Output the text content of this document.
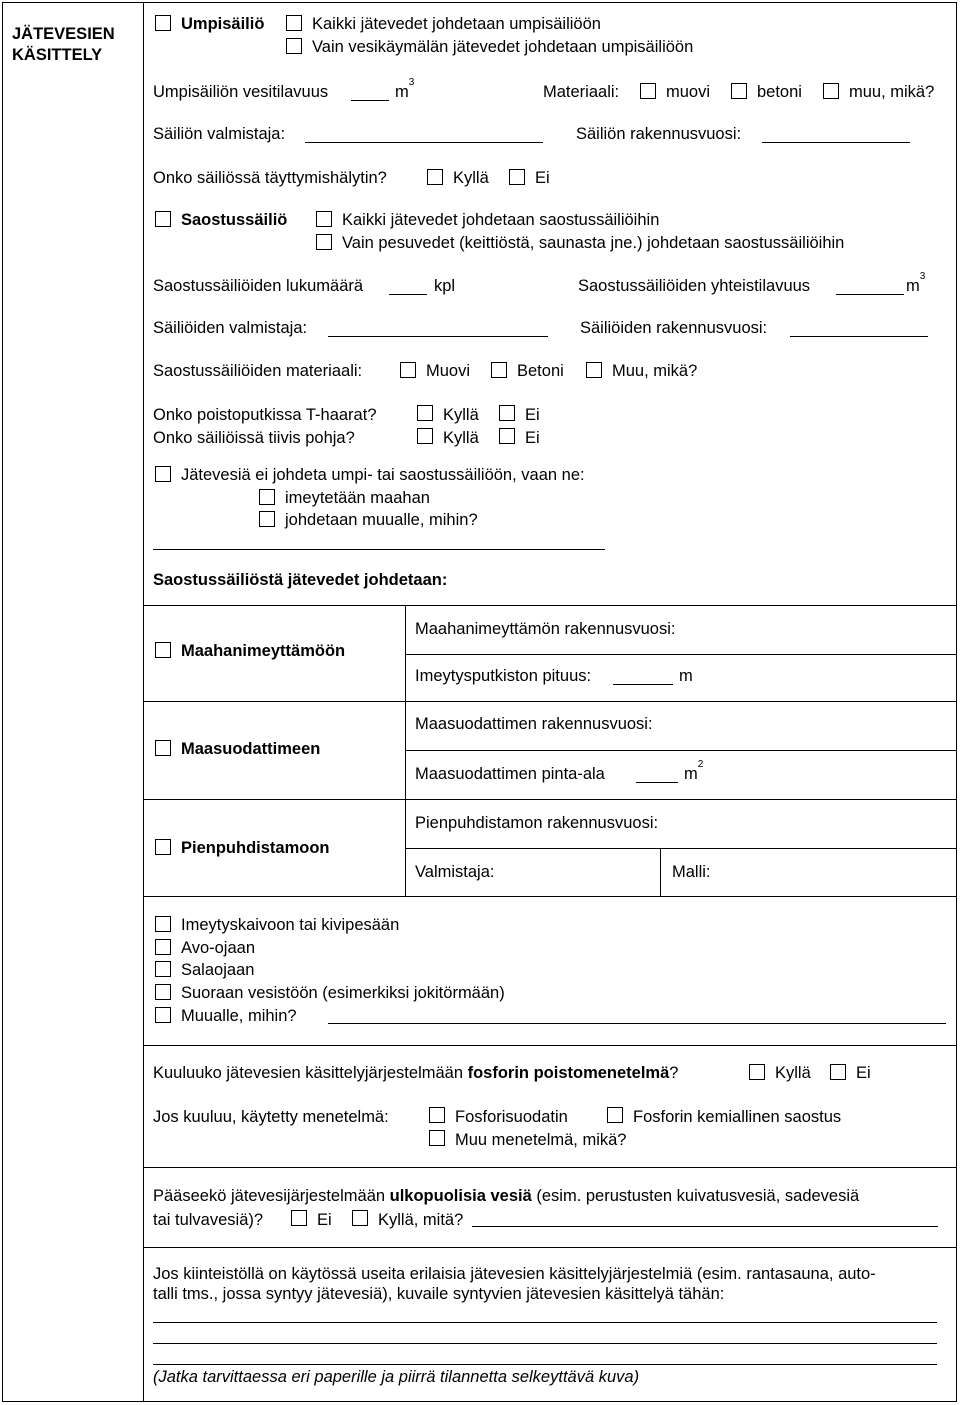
JÄTEVESIEN KÄSITTELY
Umpisäiliö	Kaikki jätevedet johdetaan umpisäiliöön
Vain vesikäymälän jätevedet johdetaan umpisäiliöön
Umpisäiliön vesitilavuus	$m^3$
Materiaali:	muovi	betoni	muu, mikä?
Säiliön valmistaja:	Säiliön rakennusvuosi:
Onko säiliössä täyttymishälytin?	Kyllä	Ei
Saostussäiliö	Kaikki jätevedet johdetaan saostussäiliöihin
Vain pesuvedet (keittiöstä, saunasta jne.) johdetaan saostussäiliöihin
Saostussäiliöiden lukumäärä	kpl	Saostussäiliöiden yhteistilavuus	$m^3$
Säiliöiden valmistaja:	Säiliöiden rakennusvuosi:
Saostussäiliöiden materiaali:	Muovi	Betoni	Muu, mikä?
Onko poistoputkissa T-haarat?	Kyllä	Ei
Onko säiliöissä tiivis pohja?	Kyllä	Ei
Jätevesiä ei johdeta umpi- tai saostussäiliöön, vaan ne:
imeytetään maahan
johdetaan muualle, mihin?
Saostussäiliöstä jätevedet johdetaan:
Maahanimeyttämöön
Maahanimeyttämön rakennusvuosi:
Imeytysputkiston pituus:	m
Maasuodattimeen
Maasuodattimen rakennusvuosi:
Maasuodattimen pinta-ala	$m^2$
Pienpuhdistamoon
Pienpuhdistamon rakennusvuosi:
Valmistaja:	Malli:
Imeytyskaivoon tai kivipesään
Avo-ojaan
Salaojaan
Suoraan vesistöön (esimerkiksi jokitörmään)
Muualle, mihin?
Kuuluuko jätevesien käsittelyjärjestelmään fosforin poistomenetelmä?	Kyllä	Ei
Jos kuuluu, käytetty menetelmä:	Fosforisuodatin	Fosforin kemiallinen saostus
Muu menetelmä, mikä?
Pääseekö jätevesijärjestelmään ulkopuolisia vesiä (esim. perustusten kuivatusvesiä, sadevesiä
tai tulvavesiä)?	Ei	Kyllä, mitä?
Jos kiinteistöllä on käytössä useita erilaisia jätevesien käsittelyjärjestelmiä (esim. rantasauna, auto-
talli tms., jossa syntyy jätevesiä), kuvaile syntyvien jätevesien käsittelyä tähän:
(Jatka tarvittaessa eri paperille ja piirrä tilannetta selkeyttävä kuva)
